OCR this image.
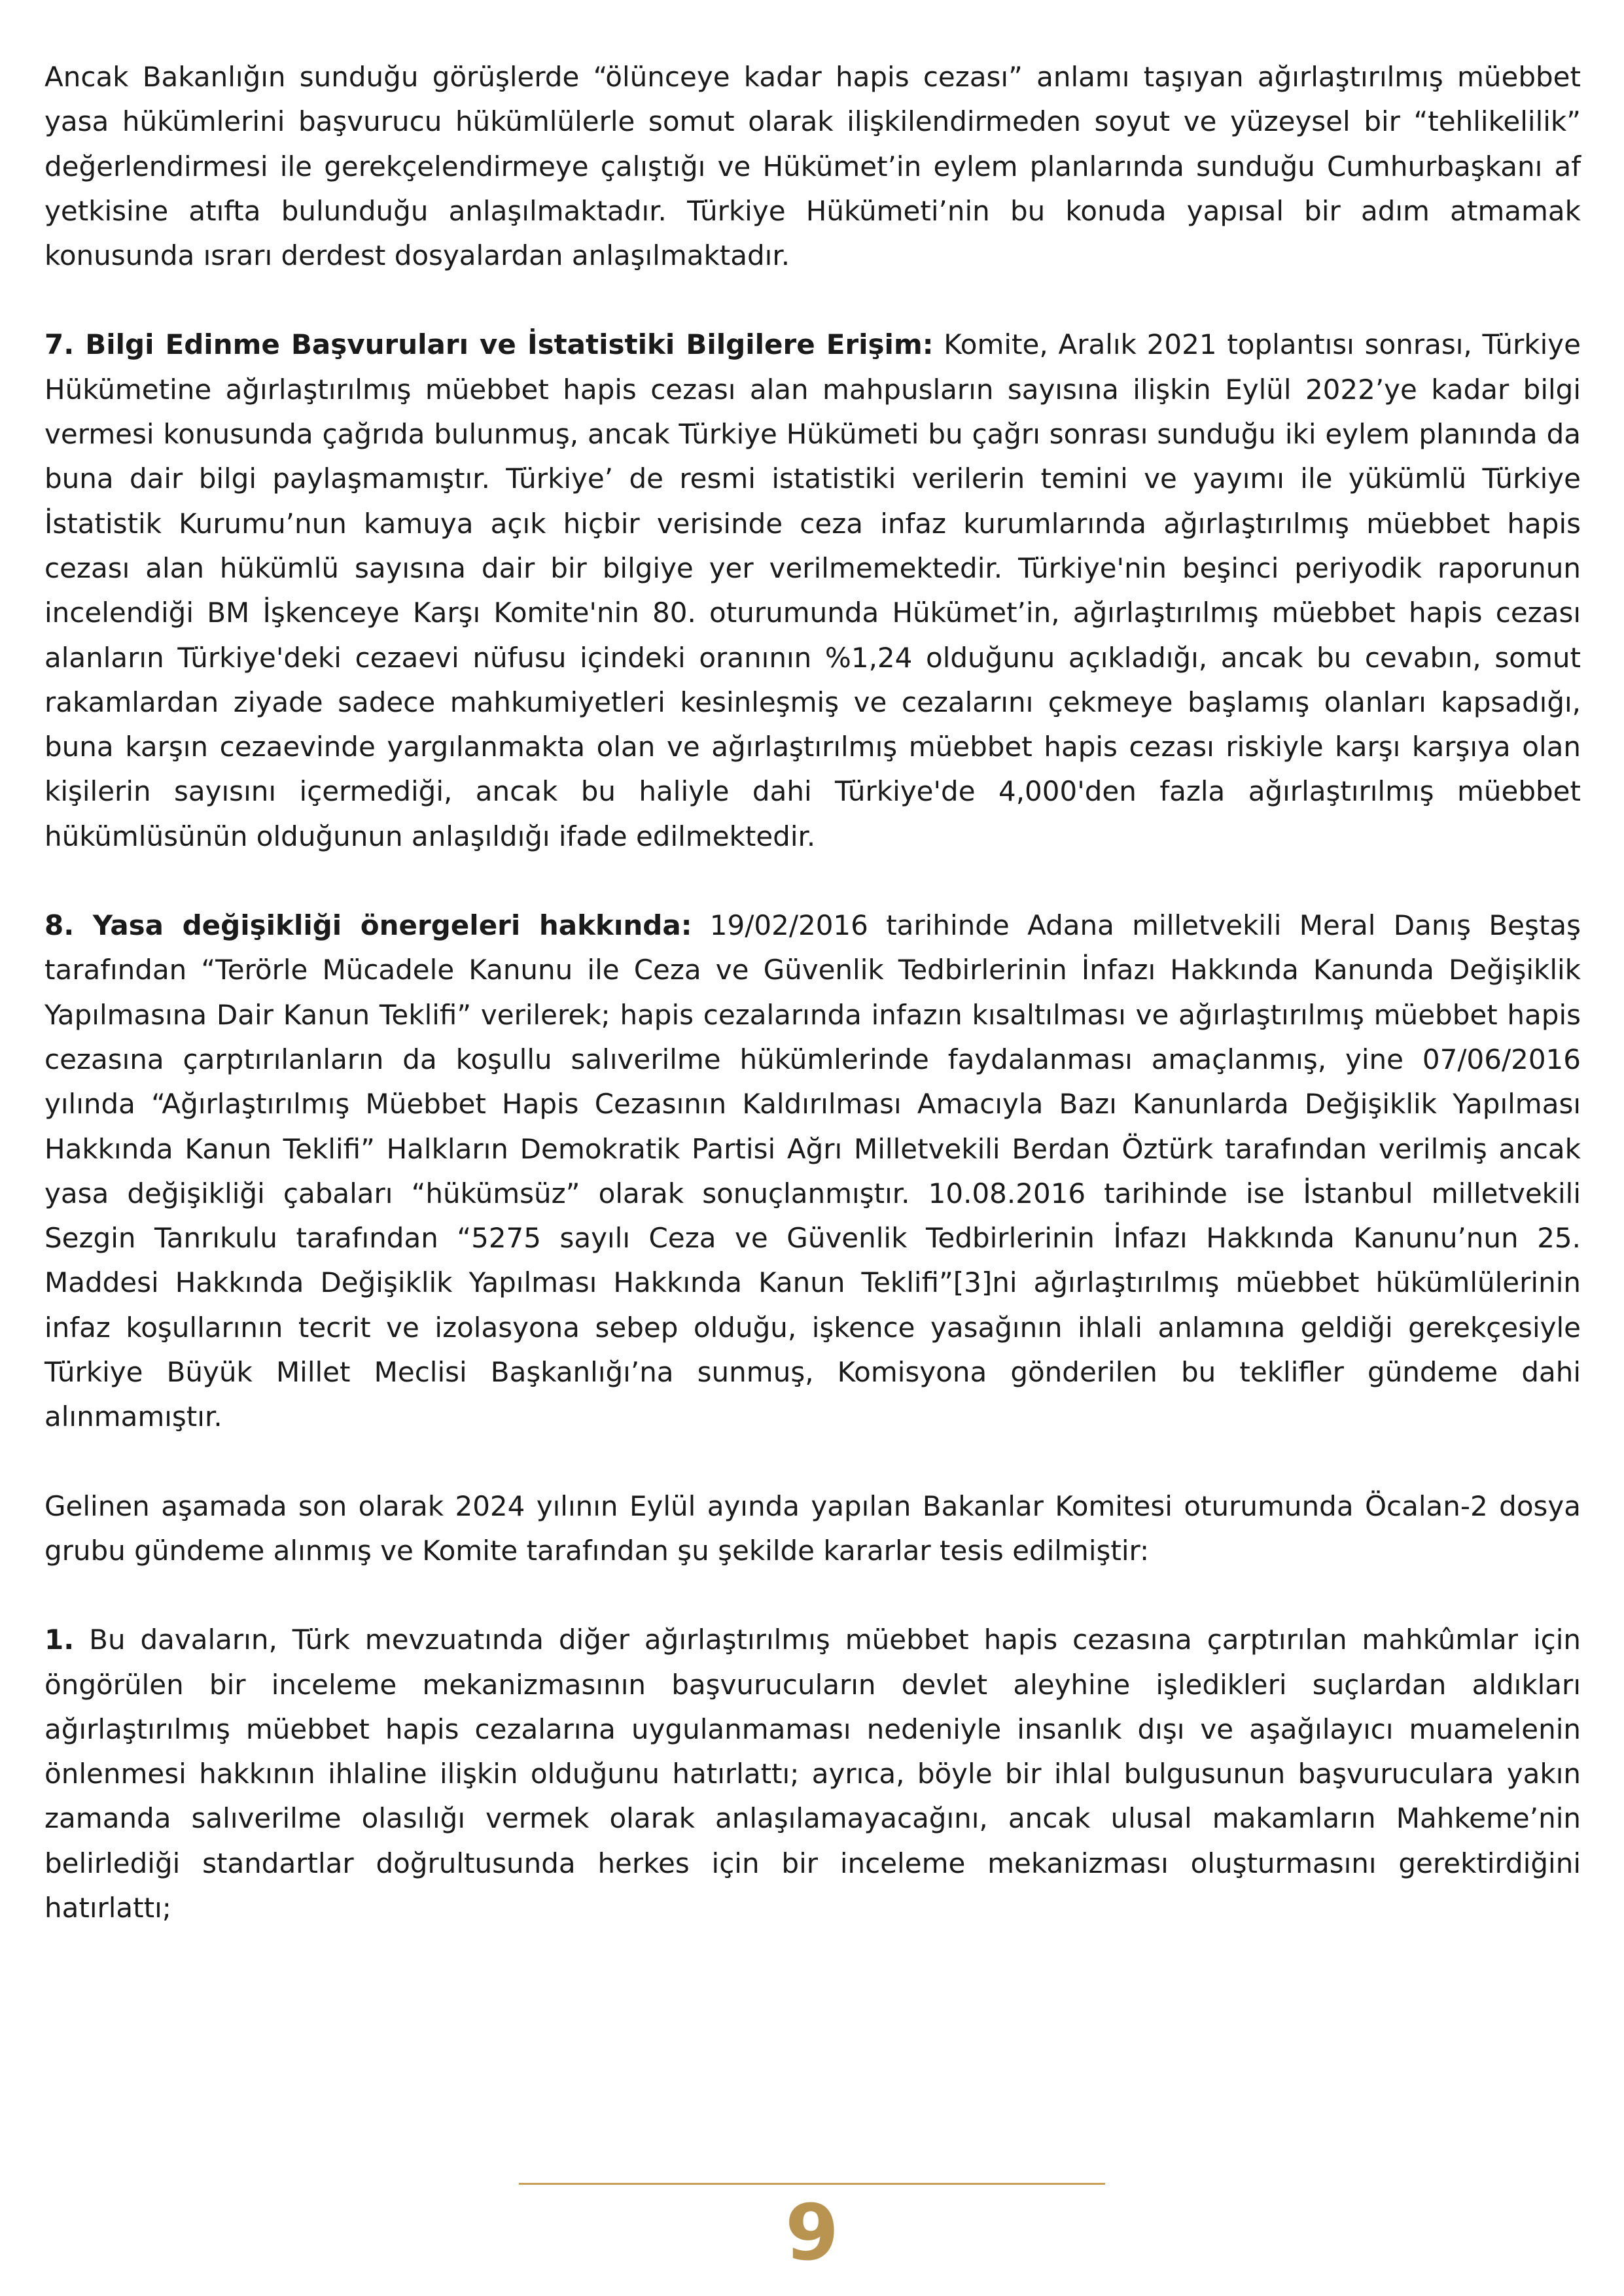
Ancak Bakanlığın sunduğu görüşlerde “ölünceye kadar hapis cezası” anlamı taşıyan ağırlaştırılmış müebbet yasa hükümlerini başvurucu hükümlülerle somut olarak ilişkilendirmeden soyut ve yüzeysel bir “tehlikelilik” değerlendirmesi ile gerekçelendirmeye çalıştığı ve Hükümet’in eylem planlarında sunduğu Cumhurbaşkanı af yetkisine atıfta bulunduğu anlaşılmaktadır. Türkiye Hükümeti’nin bu konuda yapısal bir adım atmamak konusunda ısrarı derdest dosyalardan anlaşılmaktadır.

7. Bilgi Edinme Başvuruları ve İstatistiki Bilgilere Erişim: Komite, Aralık 2021 toplantısı sonrası, Türkiye Hükümetine ağırlaştırılmış müebbet hapis cezası alan mahpusların sayısına ilişkin Eylül 2022’ye kadar bilgi vermesi konusunda çağrıda bulunmuş, ancak Türkiye Hükümeti bu çağrı sonrası sunduğu iki eylem planında da buna dair bilgi paylaşmamıştır. Türkiye’ de resmi istatistiki verilerin temini ve yayımı ile yükümlü Türkiye İstatistik Kurumu’nun kamuya açık hiçbir verisinde ceza infaz kurumlarında ağırlaştırılmış müebbet hapis cezası alan hükümlü sayısına dair bir bilgiye yer verilmemektedir. Türkiye'nin beşinci periyodik raporunun incelendiği BM İşkenceye Karşı Komite'nin 80. oturumunda Hükümet’in, ağırlaştırılmış müebbet hapis cezası alanların Türkiye'deki cezaevi nüfusu içindeki oranının %1,24 olduğunu açıkladığı, ancak bu cevabın, somut rakamlardan ziyade sadece mahkumiyetleri kesinleşmiş ve cezalarını çekmeye başlamış olanları kapsadığı, buna karşın cezaevinde yargılanmakta olan ve ağırlaştırılmış müebbet hapis cezası riskiyle karşı karşıya olan kişilerin sayısını içermediği, ancak bu haliyle dahi Türkiye'de 4,000'den fazla ağırlaştırılmış müebbet hükümlüsünün olduğunun anlaşıldığı ifade edilmektedir.

8. Yasa değişikliği önergeleri hakkında: 19/02/2016 tarihinde Adana milletvekili Meral Danış Beştaş tarafından “Terörle Mücadele Kanunu ile Ceza ve Güvenlik Tedbirlerinin İnfazı Hakkında Kanunda Değişiklik Yapılmasına Dair Kanun Teklifi” verilerek; hapis cezalarında infazın kısaltılması ve ağırlaştırılmış müebbet hapis cezasına çarptırılanların da koşullu salıverilme hükümlerinde faydalanması amaçlanmış, yine 07/06/2016 yılında “Ağırlaştırılmış Müebbet Hapis Cezasının Kaldırılması Amacıyla Bazı Kanunlarda Değişiklik Yapılması Hakkında Kanun Teklifi” Halkların Demokratik Partisi Ağrı Milletvekili Berdan Öztürk tarafından verilmiş ancak yasa değişikliği çabaları “hükümsüz” olarak sonuçlanmıştır. 10.08.2016 tarihinde ise İstanbul milletvekili Sezgin Tanrıkulu tarafından “5275 sayılı Ceza ve Güvenlik Tedbirlerinin İnfazı Hakkında Kanunu’nun 25. Maddesi Hakkında Değişiklik Yapılması Hakkında Kanun Teklifi”[3]ni ağırlaştırılmış müebbet hükümlülerinin infaz koşullarının tecrit ve izolasyona sebep olduğu, işkence yasağının ihlali anlamına geldiği gerekçesiyle Türkiye Büyük Millet Meclisi Başkanlığı’na sunmuş, Komisyona gönderilen bu teklifler gündeme dahi alınmamıştır.

Gelinen aşamada son olarak 2024 yılının Eylül ayında yapılan Bakanlar Komitesi oturumunda Öcalan-2 dosya grubu gündeme alınmış ve Komite tarafından şu şekilde kararlar tesis edilmiştir:

1. Bu davaların, Türk mevzuatında diğer ağırlaştırılmış müebbet hapis cezasına çarptırılan mahkûmlar için öngörülen bir inceleme mekanizmasının başvurucuların devlet aleyhine işledikleri suçlardan aldıkları ağırlaştırılmış müebbet hapis cezalarına uygulanmaması nedeniyle insanlık dışı ve aşağılayıcı muamelenin önlenmesi hakkının ihlaline ilişkin olduğunu hatırlattı; ayrıca, böyle bir ihlal bulgusunun başvuruculara yakın zamanda salıverilme olasılığı vermek olarak anlaşılamayacağını, ancak ulusal makamların Mahkeme’nin belirlediği standartlar doğrultusunda herkes için bir inceleme mekanizması oluşturmasını gerektirdiğini hatırlattı;

9
